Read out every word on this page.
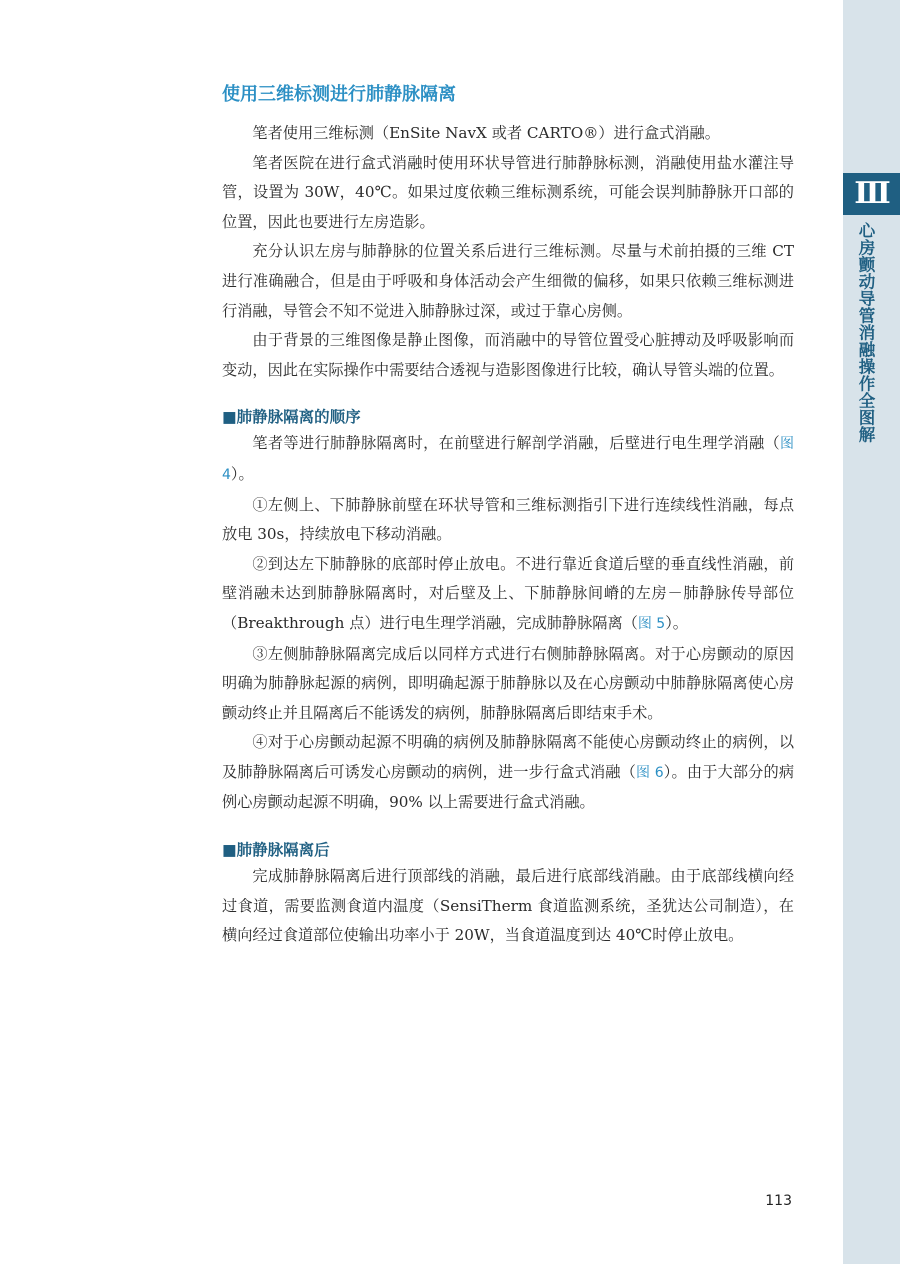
Ⅲ
心房颤动导管消融操作全图解
使用三维标测进行肺静脉隔离

笔者使用三维标测（EnSite NavX 或者 CARTO®）进行盒式消融。

笔者医院在进行盒式消融时使用环状导管进行肺静脉标测，消融使用盐水灌注导管，设置为 30W，40℃。如果过度依赖三维标测系统，可能会误判肺静脉开口部的位置，因此也要进行左房造影。

充分认识左房与肺静脉的位置关系后进行三维标测。尽量与术前拍摄的三维 CT 进行准确融合，但是由于呼吸和身体活动会产生细微的偏移，如果只依赖三维标测进行消融，导管会不知不觉进入肺静脉过深，或过于靠心房侧。

由于背景的三维图像是静止图像，而消融中的导管位置受心脏搏动及呼吸影响而变动，因此在实际操作中需要结合透视与造影图像进行比较，确认导管头端的位置。

■肺静脉隔离的顺序

笔者等进行肺静脉隔离时，在前壁进行解剖学消融，后壁进行电生理学消融（图 4）。

①左侧上、下肺静脉前壁在环状导管和三维标测指引下进行连续线性消融，每点放电 30s，持续放电下移动消融。

②到达左下肺静脉的底部时停止放电。不进行靠近食道后壁的垂直线性消融，前壁消融未达到肺静脉隔离时，对后壁及上、下肺静脉间嵴的左房－肺静脉传导部位（Breakthrough 点）进行电生理学消融，完成肺静脉隔离（图 5）。

③左侧肺静脉隔离完成后以同样方式进行右侧肺静脉隔离。对于心房颤动的原因明确为肺静脉起源的病例，即明确起源于肺静脉以及在心房颤动中肺静脉隔离使心房颤动终止并且隔离后不能诱发的病例，肺静脉隔离后即结束手术。

④对于心房颤动起源不明确的病例及肺静脉隔离不能使心房颤动终止的病例，以及肺静脉隔离后可诱发心房颤动的病例，进一步行盒式消融（图 6）。由于大部分的病例心房颤动起源不明确，90% 以上需要进行盒式消融。

■肺静脉隔离后

完成肺静脉隔离后进行顶部线的消融，最后进行底部线消融。由于底部线横向经过食道，需要监测食道内温度（SensiTherm 食道监测系统，圣犹达公司制造），在横向经过食道部位使输出功率小于 20W，当食道温度到达 40℃时停止放电。

113
